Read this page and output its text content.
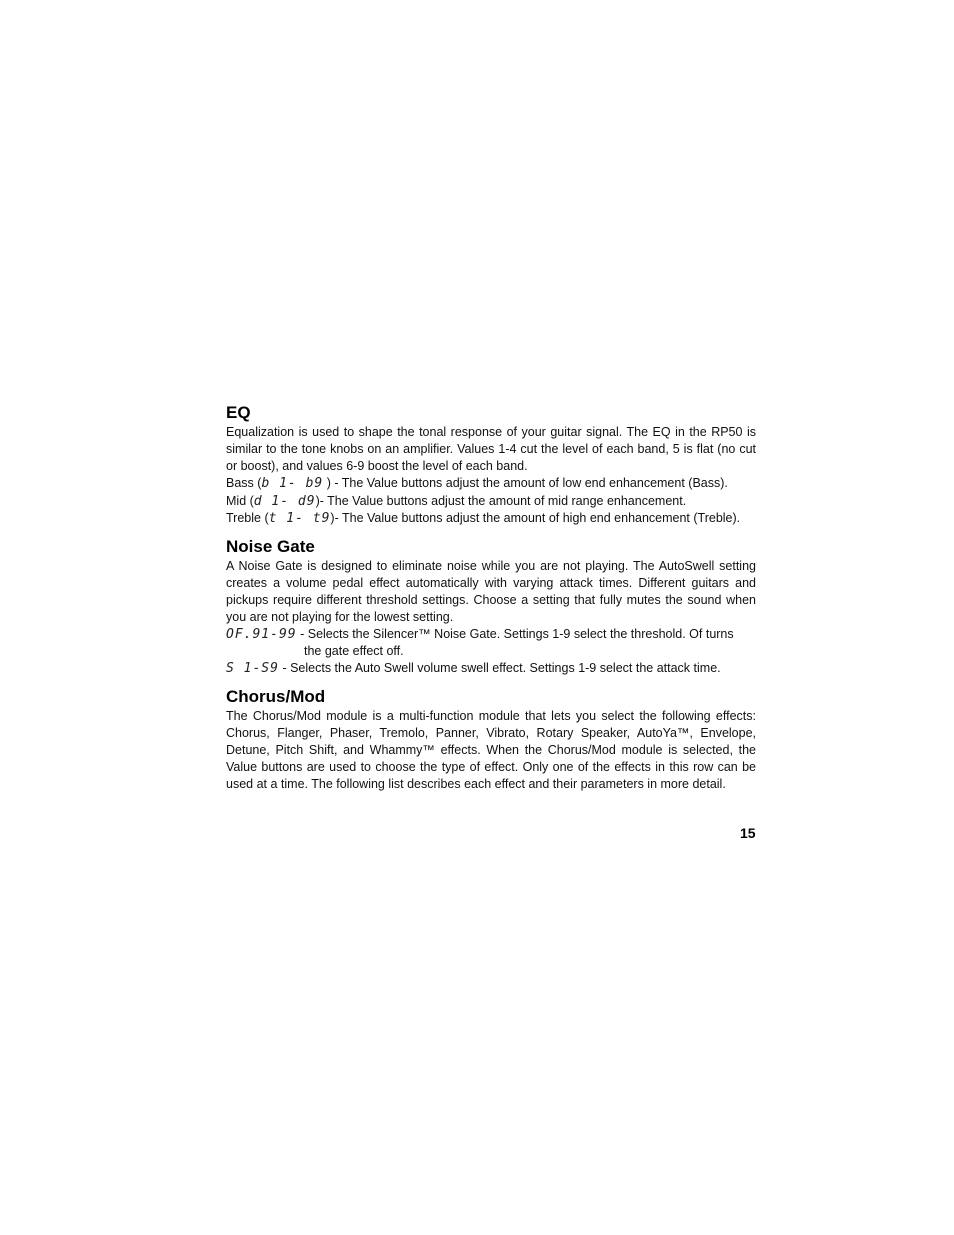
EQ

Equalization is used to shape the tonal response of your guitar signal. The EQ in the RP50 is similar to the tone knobs on an amplifier. Values 1-4 cut the level of each band, 5 is flat (no cut or boost), and values 6-9 boost the level of each band.

Bass (b 1- b9 ) - The Value buttons adjust the amount of low end enhancement (Bass).
Mid (d 1- d9)- The Value buttons adjust the amount of mid range enhancement.
Treble (t 1- t9)- The Value buttons adjust the amount of high end enhancement (Treble).
Noise Gate

A Noise Gate is designed to eliminate noise while you are not playing. The AutoSwell setting creates a volume pedal effect automatically with varying attack times. Different guitars and pickups require different threshold settings. Choose a setting that fully mutes the sound when you are not playing for the lowest setting.

OF.91-99 - Selects the Silencer™ Noise Gate. Settings 1-9 select the threshold. Of turns
the gate effect off.
S 1-S9 - Selects the Auto Swell volume swell effect. Settings 1-9 select the attack time.
Chorus/Mod

The Chorus/Mod module is a multi-function module that lets you select the following effects: Chorus, Flanger, Phaser, Tremolo, Panner, Vibrato, Rotary Speaker, AutoYa™, Envelope, Detune, Pitch Shift, and Whammy™ effects. When the Chorus/Mod module is selected, the Value buttons are used to choose the type of effect. Only one of the effects in this row can be used at a time. The following list describes each effect and their parameters in more detail.

15
